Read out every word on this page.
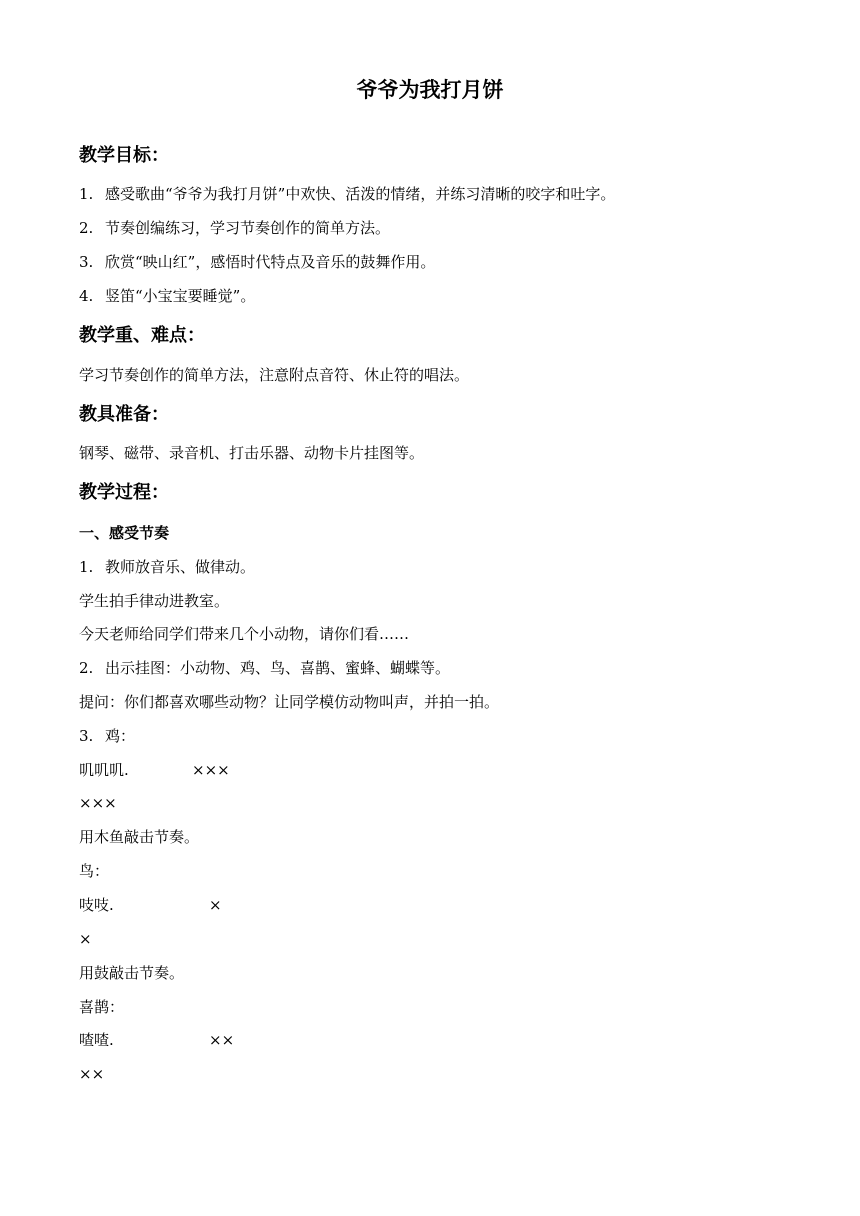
爷爷为我打月饼
教学目标：
1. 感受歌曲“爷爷为我打月饼”中欢快、活泼的情绪，并练习清晰的咬字和吐字。
2. 节奏创编练习，学习节奏创作的简单方法。
3. 欣赏“映山红”，感悟时代特点及音乐的鼓舞作用。
4. 竖笛“小宝宝要睡觉”。
教学重、难点：
学习节奏创作的简单方法，注意附点音符、休止符的唱法。
教具准备：
钢琴、磁带、录音机、打击乐器、动物卡片挂图等。
教学过程：
一、感受节奏
1. 教师放音乐、做律动。
学生拍手律动进教室。
今天老师给同学们带来几个小动物，请你们看……
2. 出示挂图：小动物、鸡、鸟、喜鹊、蜜蜂、蝴蝶等。
提问：你们都喜欢哪些动物？让同学模仿动物叫声，并拍一拍。
3. 鸡：
叽叽叽.	×××
×××
用木鱼敲击节奏。
鸟：
吱吱.	×
×
用鼓敲击节奏。
喜鹊：
喳喳.	××
××
